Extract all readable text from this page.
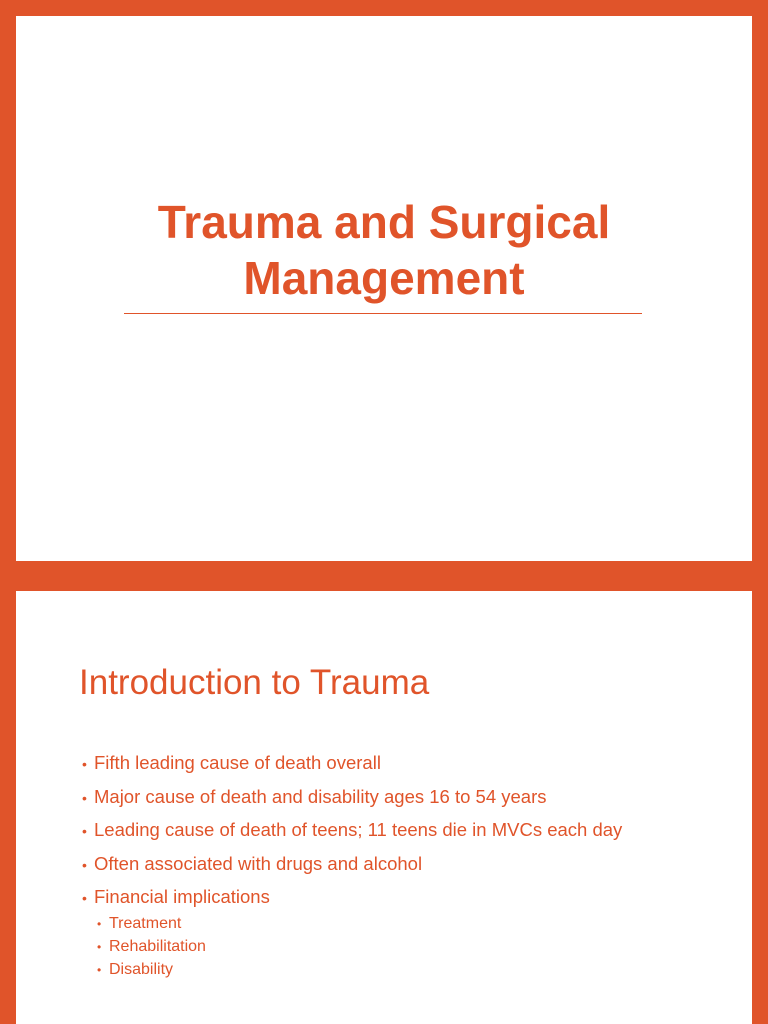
Trauma and Surgical
Management
Introduction to Trauma
• Fifth leading cause of death overall
• Major cause of death and disability ages 16 to 54 years
• Leading cause of death of teens; 11 teens die in MVCs each day
• Often associated with drugs and alcohol
• Financial implications
• Treatment
• Rehabilitation
• Disability
